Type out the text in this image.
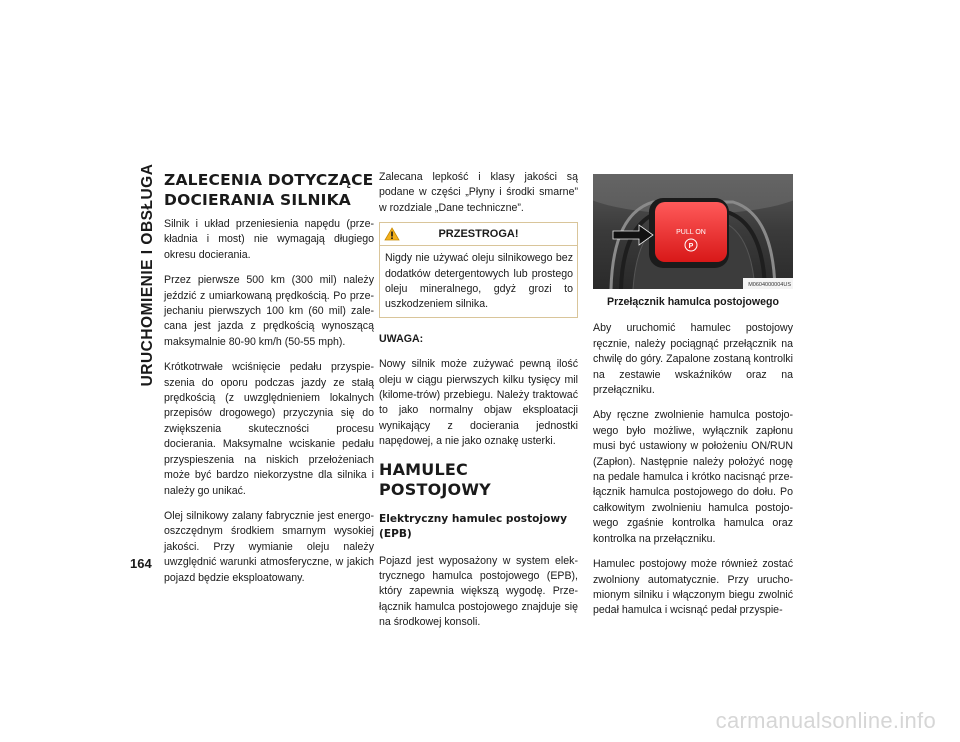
URUCHOMIENIE I OBSŁUGA
164
ZALECENIA DOTYCZĄCE DOCIERANIA SILNIKA

Silnik i układ przeniesienia napędu (prze-kładnia i most) nie wymagają długiego okresu docierania.

Przez pierwsze 500 km (300 mil) należy jeździć z umiarkowaną prędkością. Po prze-jechaniu pierwszych 100 km (60 mil) zale-cana jest jazda z prędkością wynoszącą maksymalnie 80-90 km/h (50-55 mph).

Krótkotrwałe wciśnięcie pedału przyspie-szenia do oporu podczas jazdy ze stałą prędkością (z uwzględnieniem lokalnych przepisów drogowego) przyczynia się do zwiększenia skuteczności procesu docierania. Maksymalne wciskanie pedału przyspieszenia na niskich przełożeniach może być bardzo niekorzystne dla silnika i należy go unikać.

Olej silnikowy zalany fabrycznie jest energo-oszczędnym środkiem smarnym wysokiej jakości. Przy wymianie oleju należy uwzględnić warunki atmosferyczne, w jakich pojazd będzie eksploatowany.

Zalecana lepkość i klasy jakości są podane w części „Płyny i środki smarne” w rozdziale „Dane techniczne”.

PRZESTROGA!

Nigdy nie używać oleju silnikowego bez dodatków detergentowych lub prostego oleju mineralnego, gdyż grozi to uszkodzeniem silnika.

UWAGA:

Nowy silnik może zużywać pewną ilość oleju w ciągu pierwszych kilku tysięcy mil (kilome-trów) przebiegu. Należy traktować to jako normalny objaw eksploatacji wynikający z docierania jednostki napędowej, a nie jako oznakę usterki.

HAMULEC POSTOJOWY
Elektryczny hamulec postojowy (EPB)

Pojazd jest wyposażony w system elek-trycznego hamulca postojowego (EPB), który zapewnia większą wygodę. Prze-łącznik hamulca postojowego znajduje się na środkowej konsoli.

PULL ON
P
M0604000004US
Przełącznik hamulca postojowego

Aby uruchomić hamulec postojowy ręcznie, należy pociągnąć przełącznik na chwilę do góry. Zapalone zostaną kontrolki na zestawie wskaźników oraz na przełączniku.

Aby ręczne zwolnienie hamulca postojo-wego było możliwe, wyłącznik zapłonu musi być ustawiony w położeniu ON/RUN (Zapłon). Następnie należy położyć nogę na pedale hamulca i krótko nacisnąć prze-łącznik hamulca postojowego do dołu. Po całkowitym zwolnieniu hamulca postojo-wego zgaśnie kontrolka hamulca oraz kontrolka na przełączniku.

Hamulec postojowy może również zostać zwolniony automatycznie. Przy urucho-mionym silniku i włączonym biegu zwolnić pedał hamulca i wcisnąć pedał przyspie-

carmanualsonline.info
